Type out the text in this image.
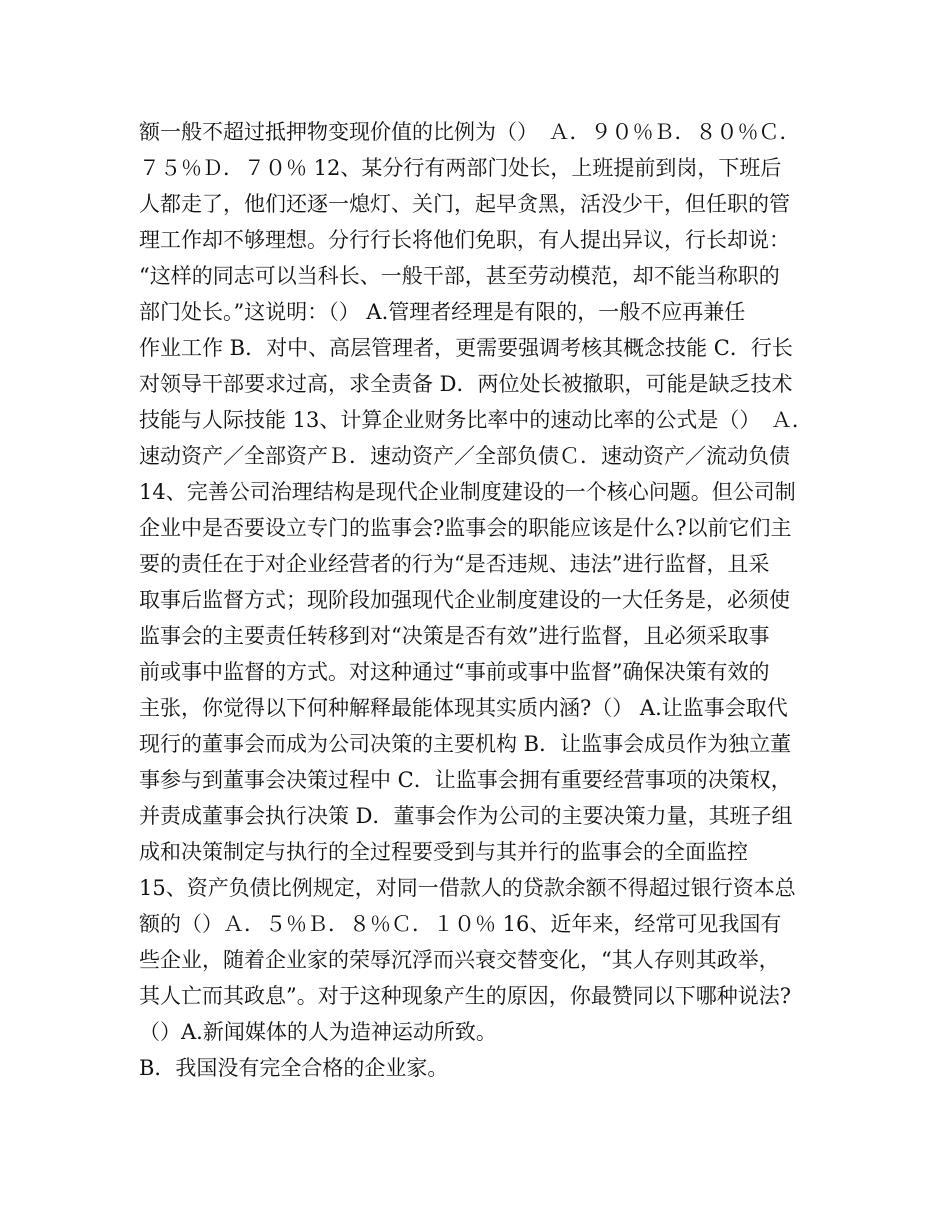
额一般不超过抵押物变现价值的比例为（）　Ａ．９０％Ｂ．８０％Ｃ．
７５％Ｄ．７０％ 12、某分行有两部门处长，上班提前到岗，下班后
人都走了，他们还逐一熄灯、关门，起早贪黑，活没少干，但任职的管
理工作却不够理想。分行行长将他们免职，有人提出异议，行长却说：
“这样的同志可以当科长、一般干部，甚至劳动模范，却不能当称职的
部门处长。”这说明：（） A.管理者经理是有限的，一般不应再兼任
作业工作 B．对中、高层管理者，更需要强调考核其概念技能 C．行长
对领导干部要求过高，求全责备 D．两位处长被撤职，可能是缺乏技术
技能与人际技能 13、计算企业财务比率中的速动比率的公式是（）　Ａ．
速动资产／全部资产Ｂ．速动资产／全部负债Ｃ．速动资产／流动负债
14、完善公司治理结构是现代企业制度建设的一个核心问题。但公司制
企业中是否要设立专门的监事会?监事会的职能应该是什么?以前它们主
要的责任在于对企业经营者的行为“是否违规、违法”进行监督，且采
取事后监督方式；现阶段加强现代企业制度建设的一大任务是，必须使
监事会的主要责任转移到对“决策是否有效”进行监督，且必须采取事
前或事中监督的方式。对这种通过“事前或事中监督”确保决策有效的
主张，你觉得以下何种解释最能体现其实质内涵?（） A.让监事会取代
现行的董事会而成为公司决策的主要机构 B．让监事会成员作为独立董
事参与到董事会决策过程中 C．让监事会拥有重要经营事项的决策权，
并责成董事会执行决策 D．董事会作为公司的主要决策力量，其班子组
成和决策制定与执行的全过程要受到与其并行的监事会的全面监控
15、资产负债比例规定，对同一借款人的贷款余额不得超过银行资本总
额的（）Ａ．５％Ｂ．８％Ｃ．１０％ 16、近年来，经常可见我国有
些企业，随着企业家的荣辱沉浮而兴衰交替变化，“其人存则其政举，
其人亡而其政息”。对于这种现象产生的原因，你最赞同以下哪种说法?
（）A.新闻媒体的人为造神运动所致。
B．我国没有完全合格的企业家。
